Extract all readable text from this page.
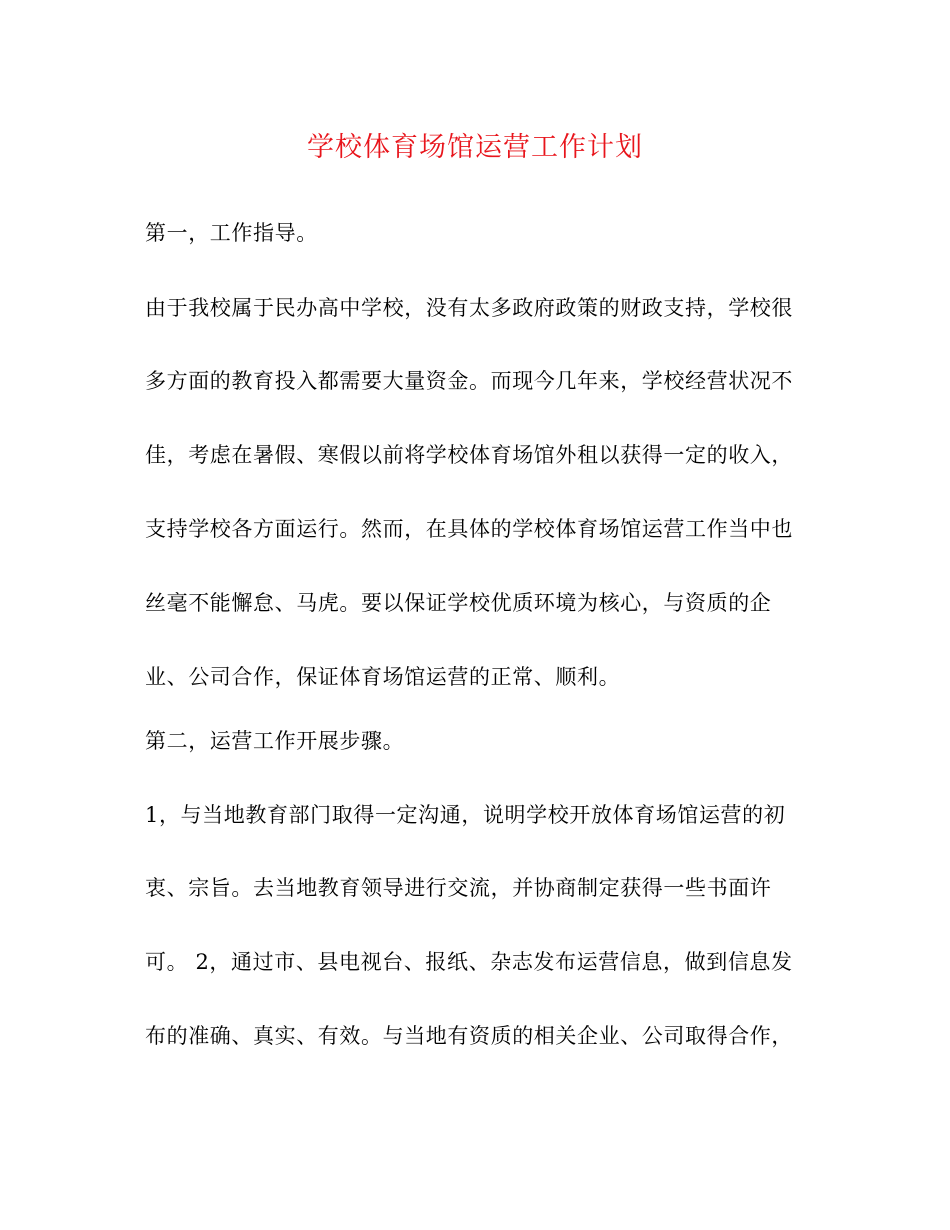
学校体育场馆运营工作计划
第一，工作指导。
由于我校属于民办高中学校，没有太多政府政策的财政支持，学校很
多方面的教育投入都需要大量资金。而现今几年来，学校经营状况不
佳，考虑在暑假、寒假以前将学校体育场馆外租以获得一定的收入，
支持学校各方面运行。然而，在具体的学校体育场馆运营工作当中也
丝毫不能懈怠、马虎。要以保证学校优质环境为核心，与资质的企
业、公司合作，保证体育场馆运营的正常、顺利。
第二，运营工作开展步骤。
1，与当地教育部门取得一定沟通，说明学校开放体育场馆运营的初
衷、宗旨。去当地教育领导进行交流，并协商制定获得一些书面许
可。 2，通过市、县电视台、报纸、杂志发布运营信息，做到信息发
布的准确、真实、有效。与当地有资质的相关企业、公司取得合作，
